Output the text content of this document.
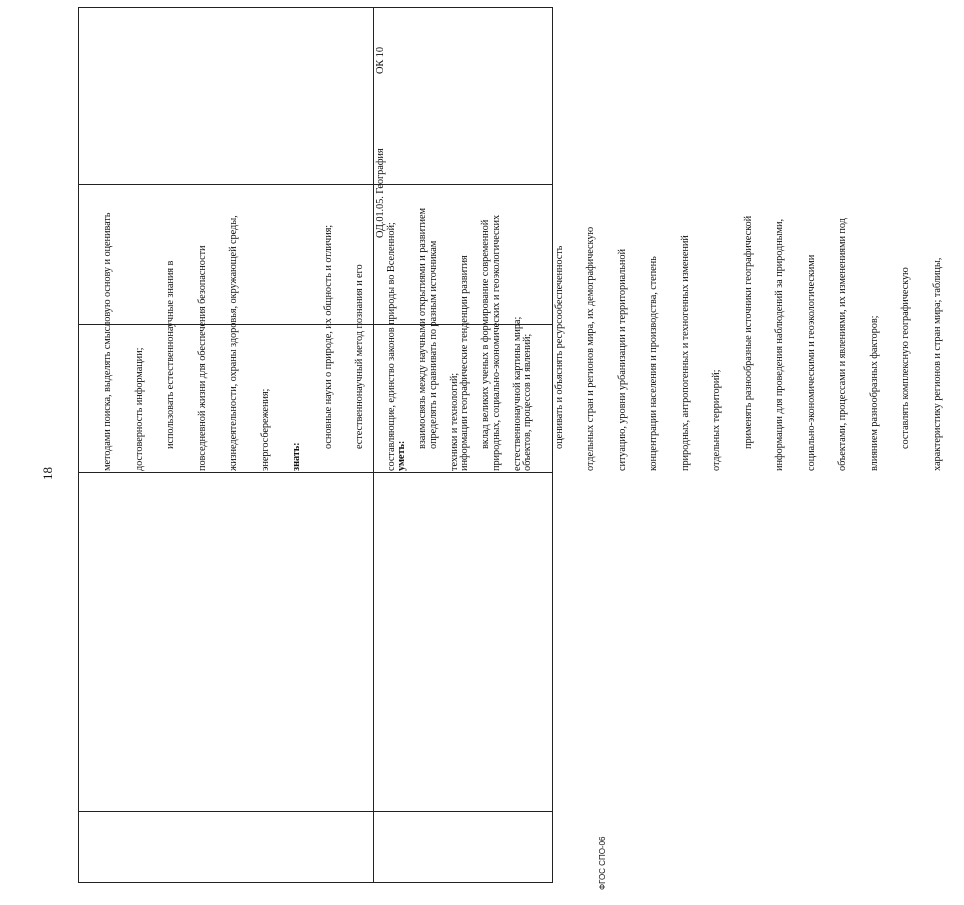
18

методами поиска, выделять смысловую основу и оценивать

достоверность информации;

использовать естественнонаучные знания в

повседневной жизни для обеспечения безопасности

жизнедеятельности, охраны здоровья, окружающей среды,

энергосбережения;

знать:

основные науки о природе, их общность и отличия;

естественнонаучный метод познания и его

составляющие, единство законов природы во Вселенной;

взаимосвязь между научными открытиями и развитием

техники и технологий;

вклад великих ученых в формирование современной

естественнонаучной картины мира;

уметь:

определять и сравнивать по разным источникам

информации географические тенденции развития

природных, социально-экономических и геоэкологических

объектов, процессов и явлений;

оценивать и объяснять ресурсообеспеченность

отдельных стран и регионов мира, их демографическую

ситуацию, уровни урбанизации и территориальной

концентрации населения и производства, степень

природных, антропогенных и техногенных изменений

отдельных территорий;

применять разнообразные источники географической

информации для проведения наблюдений за природными,

социально-экономическими и геоэкологическими

объектами, процессами и явлениями, их изменениями под

влиянием разнообразных факторов;

составлять комплексную географическую

характеристику регионов и стран мира; таблицы,

ОД.01.05. География
ОК 10
ФГОС СПО-06
